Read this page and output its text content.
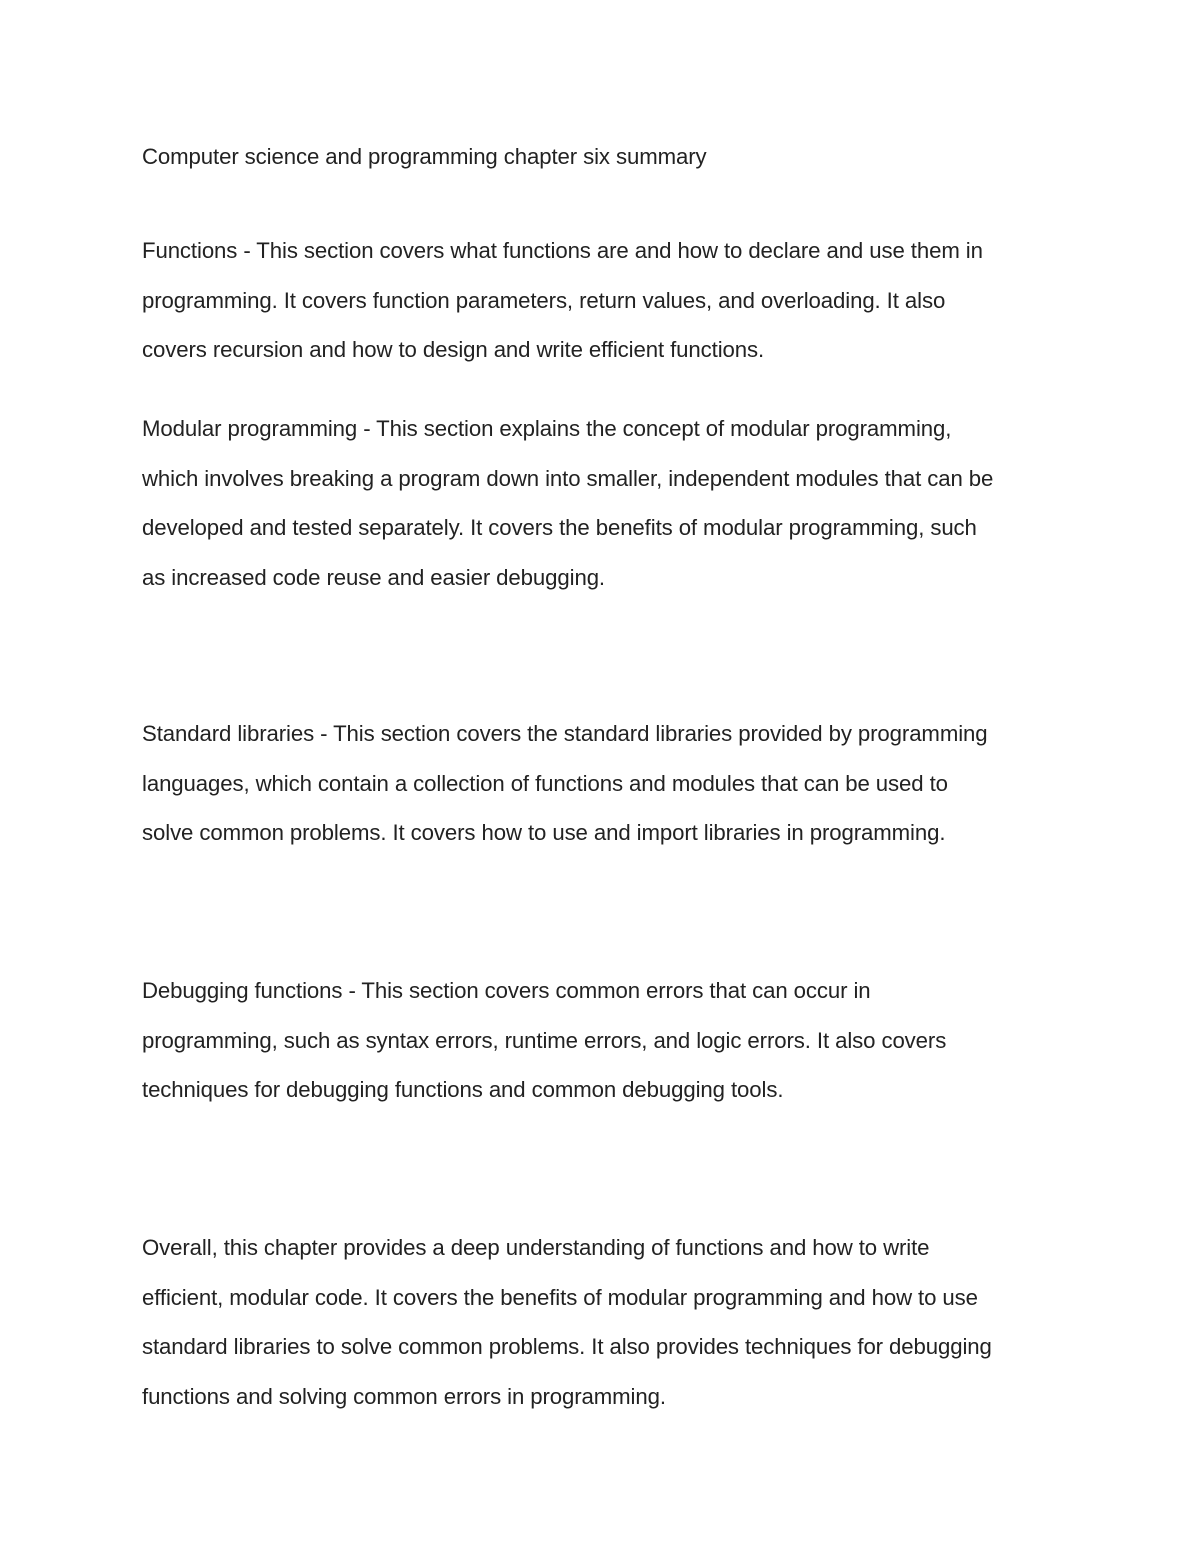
Computer science and programming chapter six summary

Functions - This section covers what functions are and how to declare and use them in
programming. It covers function parameters, return values, and overloading. It also
covers recursion and how to design and write efficient functions.

Modular programming - This section explains the concept of modular programming,
which involves breaking a program down into smaller, independent modules that can be
developed and tested separately. It covers the benefits of modular programming, such
as increased code reuse and easier debugging.

Standard libraries - This section covers the standard libraries provided by programming
languages, which contain a collection of functions and modules that can be used to
solve common problems. It covers how to use and import libraries in programming.

Debugging functions - This section covers common errors that can occur in
programming, such as syntax errors, runtime errors, and logic errors. It also covers
techniques for debugging functions and common debugging tools.

Overall, this chapter provides a deep understanding of functions and how to write
efficient, modular code. It covers the benefits of modular programming and how to use
standard libraries to solve common problems. It also provides techniques for debugging
functions and solving common errors in programming.
